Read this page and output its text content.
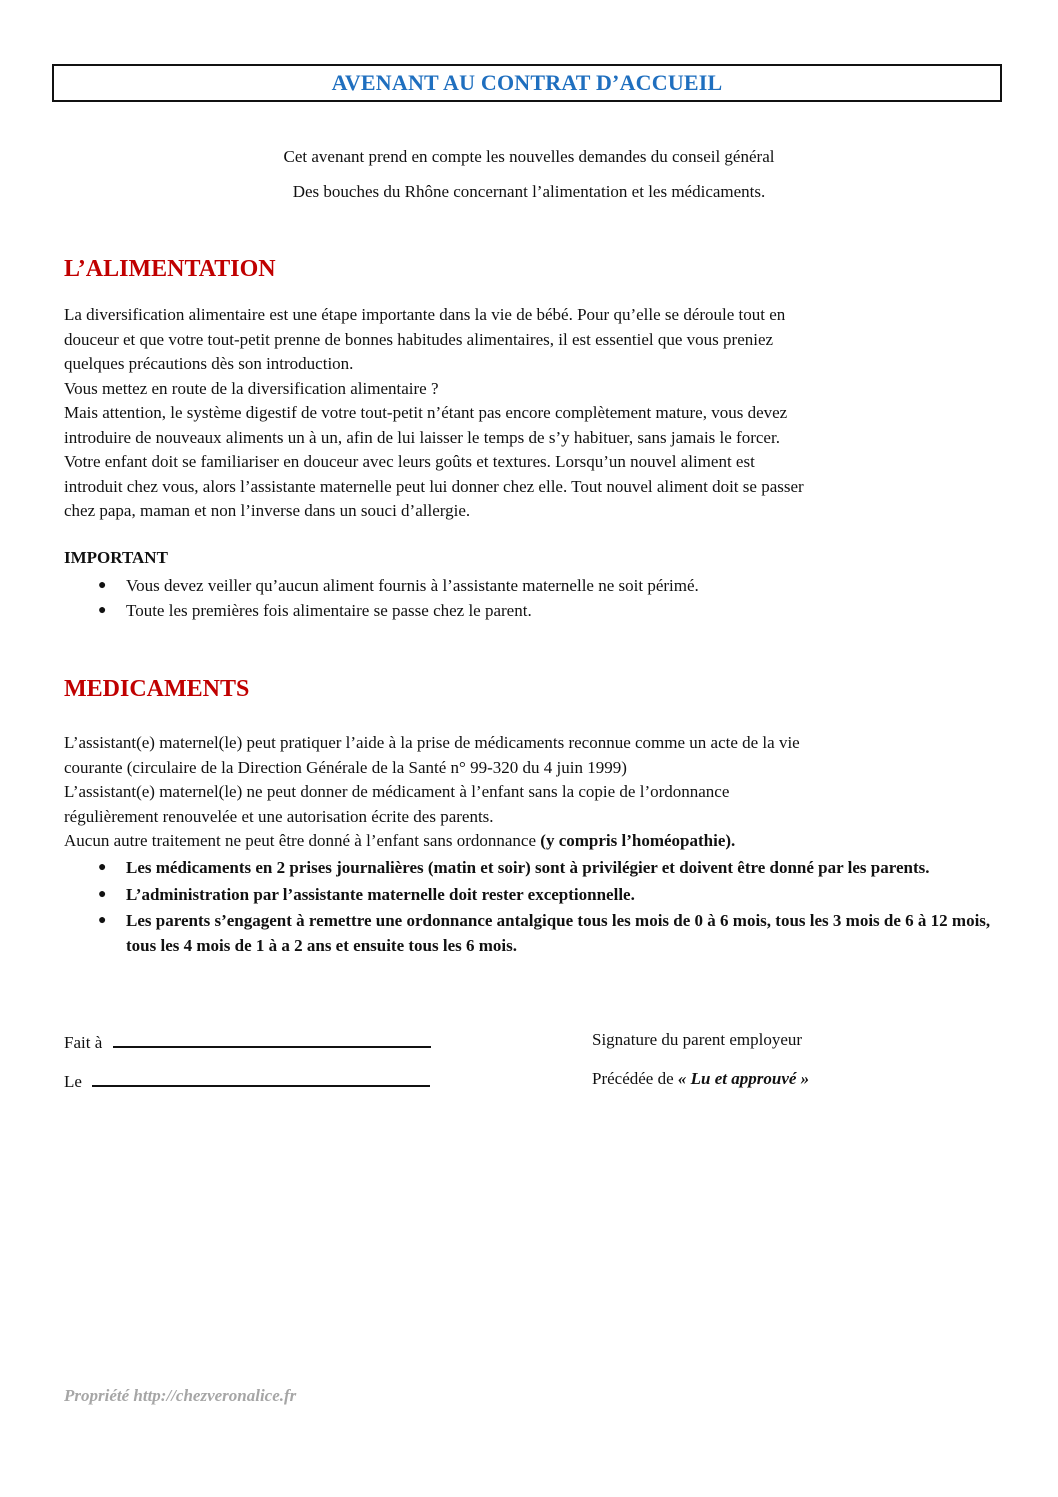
AVENANT AU CONTRAT D’ACCUEIL
Cet avenant prend en compte les nouvelles demandes du conseil général
Des bouches du Rhône concernant l’alimentation et les médicaments.
L’ALIMENTATION

La diversification alimentaire est une étape importante dans la vie de bébé. Pour qu’elle se déroule tout en

douceur et que votre tout-petit prenne de bonnes habitudes alimentaires, il est essentiel que vous preniez

quelques précautions dès son introduction.

Vous mettez en route de la diversification alimentaire ?

Mais attention, le système digestif de votre tout-petit n’étant pas encore complètement mature, vous devez

introduire de nouveaux aliments un à un, afin de lui laisser le temps de s’y habituer, sans jamais le forcer.

Votre enfant doit se familiariser en douceur avec leurs goûts et textures. Lorsqu’un nouvel aliment est

introduit chez vous, alors l’assistante maternelle peut lui donner chez elle. Tout nouvel aliment doit se passer

chez papa, maman et non l’inverse dans un souci d’allergie.

IMPORTANT
● Vous devez veiller qu’aucun aliment fournis à l’assistante maternelle ne soit périmé.
● Toute les premières fois alimentaire se passe chez le parent.
MEDICAMENTS

L’assistant(e) maternel(le) peut pratiquer l’aide à la prise de médicaments reconnue comme un acte de la vie

courante (circulaire de la Direction Générale de la Santé n° 99-320 du 4 juin 1999)

L’assistant(e) maternel(le) ne peut donner de médicament à l’enfant sans la copie de l’ordonnance

régulièrement renouvelée et une autorisation écrite des parents.

Aucun autre traitement ne peut être donné à l’enfant sans ordonnance (y compris l’homéopathie).

● Les médicaments en 2 prises journalières (matin et soir) sont à privilégier et doivent être donné par les parents.
● L’administration par l’assistante maternelle doit rester exceptionnelle.
● Les parents s’engagent à remettre une ordonnance antalgique tous les mois de 0 à 6 mois, tous les 3 mois de 6 à 12 mois, tous les 4 mois de 1 à a 2 ans et ensuite tous les 6 mois.
Fait à
Le
Signature du parent employeur
Précédée de « Lu et approuvé »
Propriété http://chezveronalice.fr
